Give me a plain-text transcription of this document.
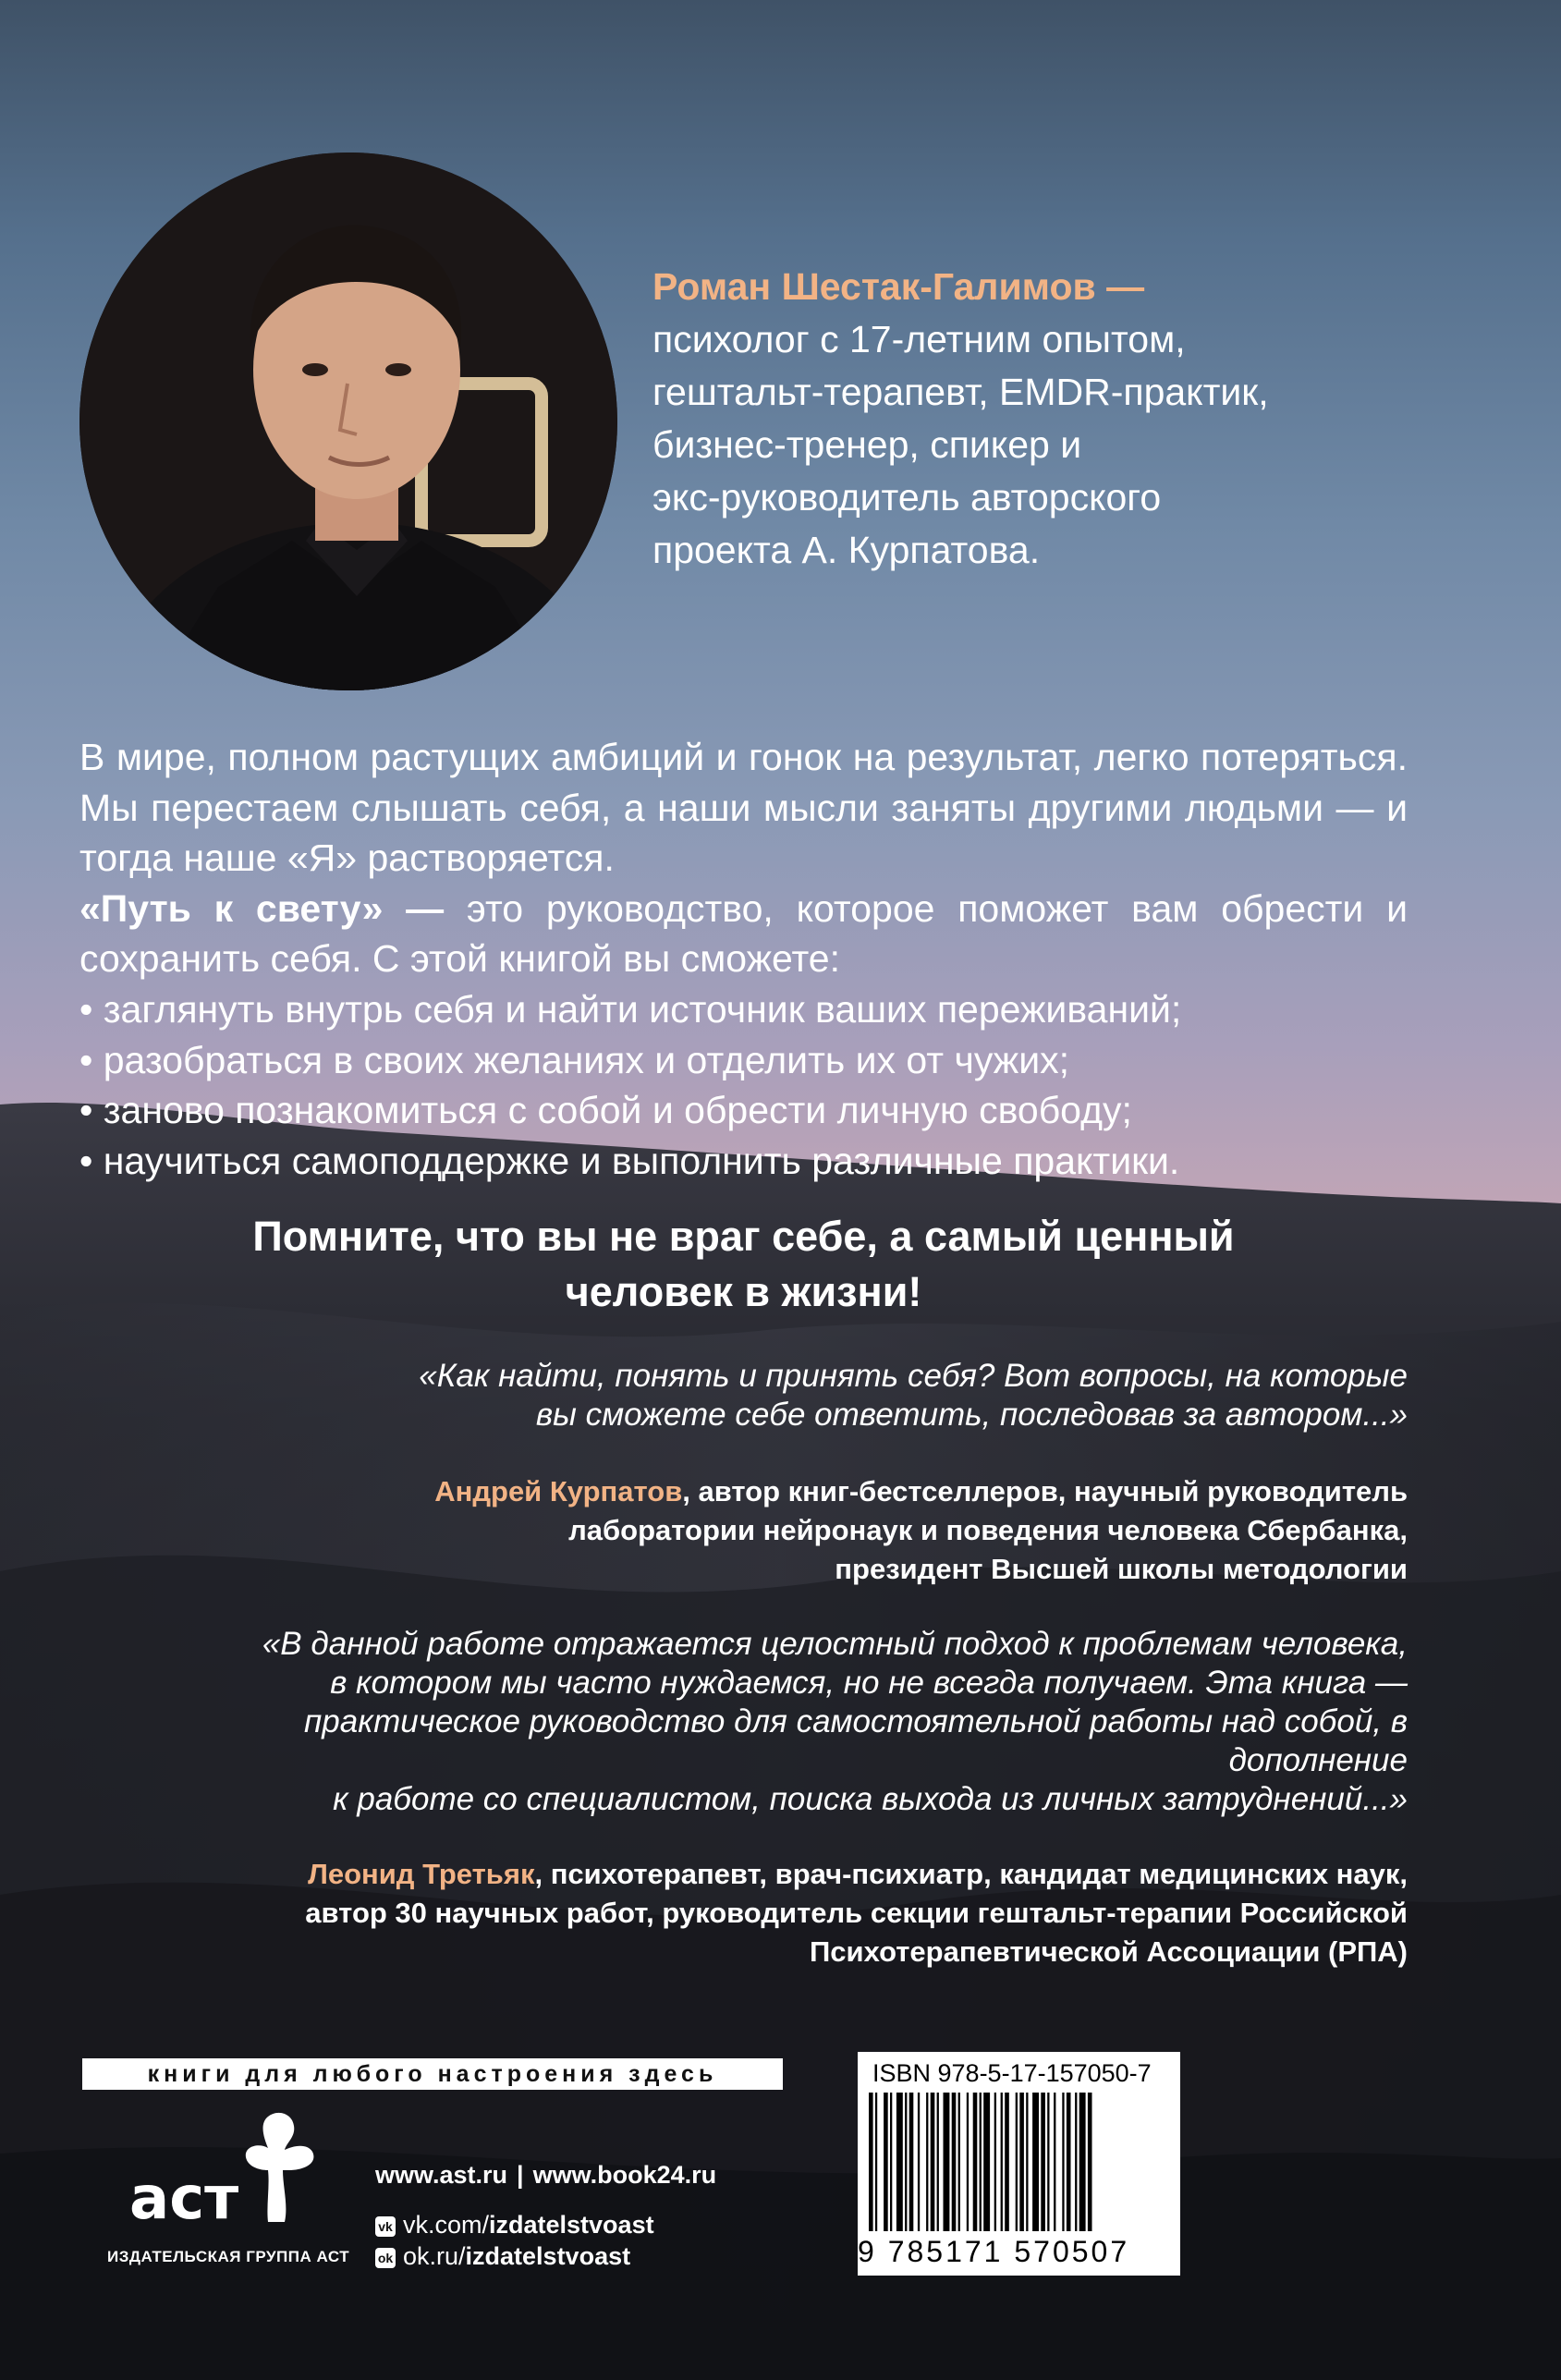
Роман Шестак-Галимов —
психолог с 17-летним опытом,
гештальт-терапевт, EMDR-практик,
бизнес-тренер, спикер и
экс-руководитель авторского
проекта А. Курпатова.

В мире, полном растущих амбиций и гонок на результат, легко потеряться. Мы перестаем слышать себя, а наши мысли заняты другими людьми — и тогда наше «Я» растворяется.

«Путь к свету» — это руководство, которое поможет вам обрести и сохранить себя. С этой книгой вы сможете:

• заглянуть внутрь себя и найти источник ваших переживаний;
• разобраться в своих желаниях и отделить их от чужих;
• заново познакомиться с собой и обрести личную свободу;
• научиться самоподдержке и выполнить различные практики.
Помните, что вы не враг себе, а самый ценный
человек в жизни!
«Как найти, понять и принять себя? Вот вопросы, на которые
вы сможете себе ответить, последовав за автором...»
Андрей Курпатов, автор книг-бестселлеров, научный руководитель
лаборатории нейронаук и поведения человека Сбербанка,
президент Высшей школы методологии
«В данной работе отражается целостный подход к проблемам человека,
в котором мы часто нуждаемся, но не всегда получаем. Эта книга —
практическое руководство для самостоятельной работы над собой, в
дополнение
к работе со специалистом, поиска выхода из личных затруднений...»
Леонид Третьяк, психотерапевт, врач-психиатр, кандидат медицинских наук,
автор 30 научных работ, руководитель секции гештальт-терапии Российской
Психотерапевтической Ассоциации (РПА)
книги для любого настроения здесь
аст
ИЗДАТЕЛЬСКАЯ ГРУППА АСТ
www.ast.ru | www.book24.ru
vk vk.com/izdatelstvoast
ok ok.ru/izdatelstvoast
ISBN 978-5-17-157050-7
9 785171 570507
